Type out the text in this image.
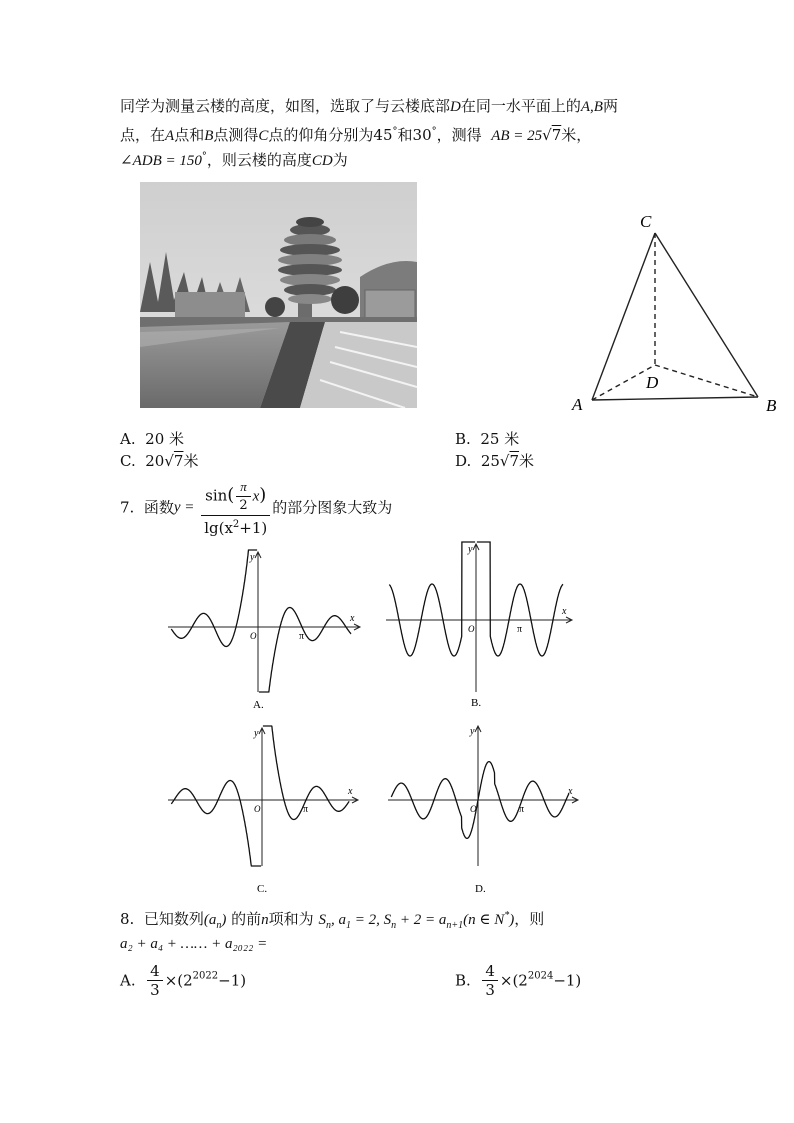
同学为测量云楼的高度，如图，选取了与云楼底部D在同一水平面上的A,B两
点，在A点和B点测得C点的仰角分别为45°和30°，测得 AB = 25√7米，
∠ADB = 150°，则云楼的高度CD为
C
D
A	B
A. 20 米	B. 25 米
C. 20√7米	D. 25√7米
7. 函数$y = \frac{\sin( \frac{\pi}{2} x)}{\lg(x^2+1)}$ 的部分图象大致为
y
x
O	π
A.
y
x
O	π
B.
y
x
O	π
C.
y
x
O	π
D.
8. 已知数列$(a_n)$ 的前n项和为 $S_n$, $a_1 = 2$, $S_n + 2 = a_{n+1}(n$ ∈ N*)，则
a₂ + a₄ + …… + a₂₀₂₂ =
A. $\frac{4}{3} \times(2^{2022}-1)$	B. $\frac{4}{3} \times(2^{2024}-1)$
